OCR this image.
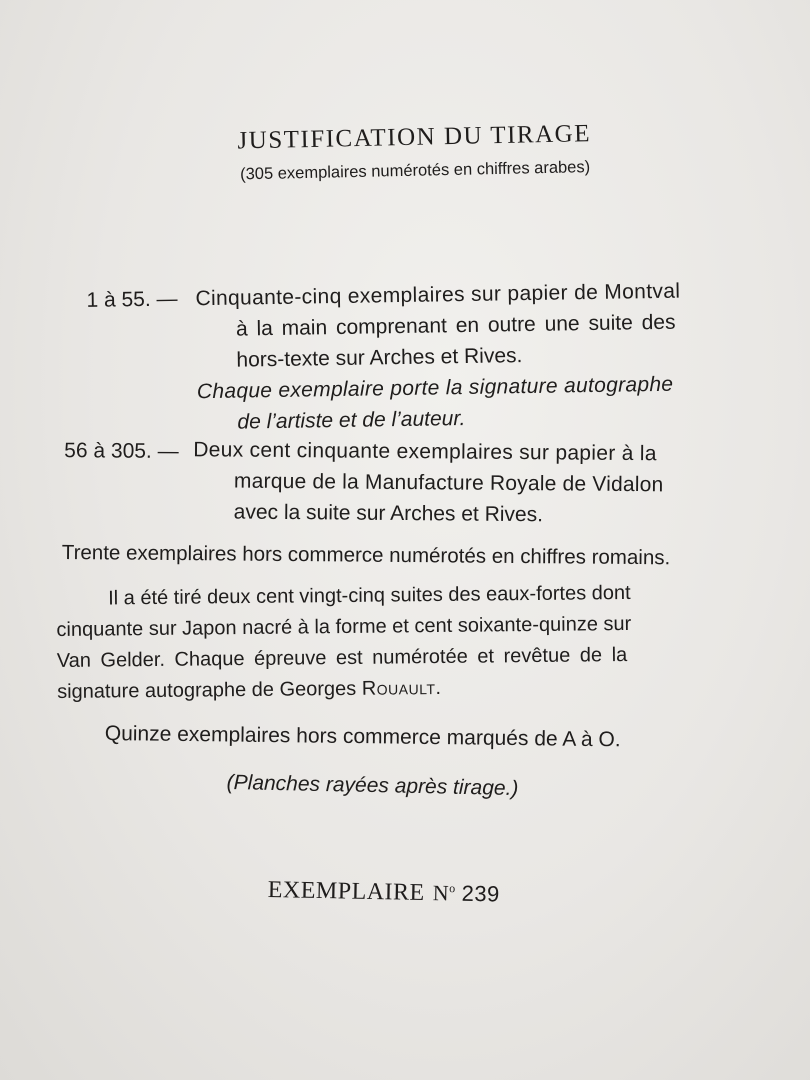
JUSTIFICATION DU TIRAGE
(305 exemplaires numérotés en chiffres arabes)
1 à 55. — Cinquante-cinq exemplaires sur papier de Montval
à la main comprenant en outre une suite des
hors-texte sur Arches et Rives.
Chaque exemplaire porte la signature autographe
de l’artiste et de l’auteur.
56 à 305. — Deux cent cinquante exemplaires sur papier à la
marque de la Manufacture Royale de Vidalon
avec la suite sur Arches et Rives.
Trente exemplaires hors commerce numérotés en chiffres romains.
Il a été tiré deux cent vingt-cinq suites des eaux-fortes dont
cinquante sur Japon nacré à la forme et cent soixante-quinze sur
Van Gelder. Chaque épreuve est numérotée et revêtue de la
signature autographe de Georges Rouault.
Quinze exemplaires hors commerce marqués de A à O.
(Planches rayées après tirage.)
EXEMPLAIRE $N^o$ 239
